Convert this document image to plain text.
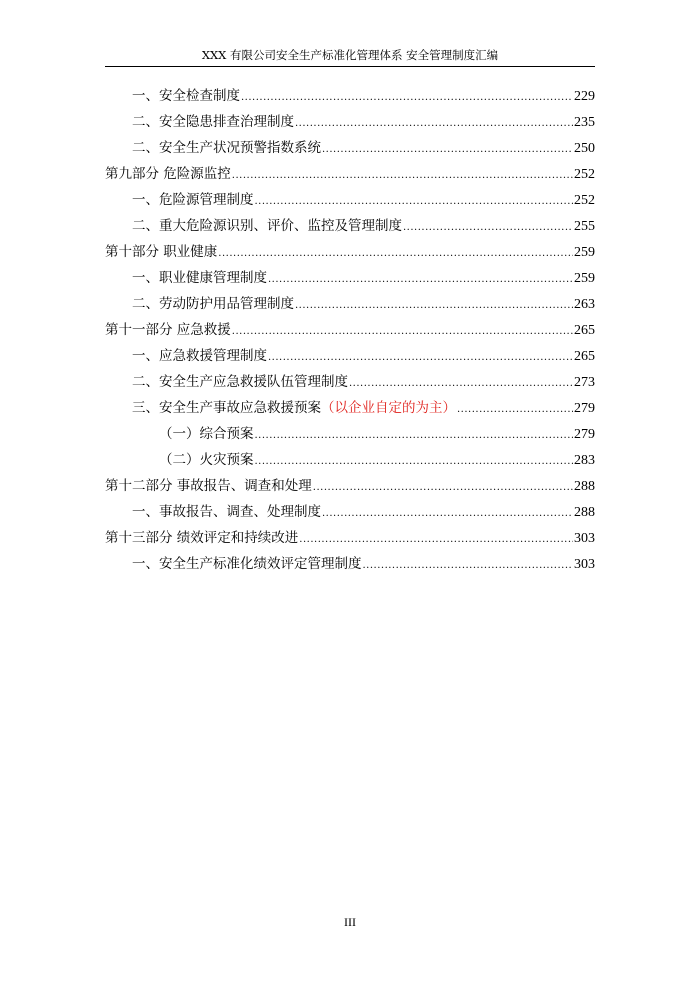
XXX 有限公司安全生产标准化管理体系 安全管理制度汇编
一、安全检查制度 .....	229
二、安全隐患排查治理制度 .....	235
二、安全生产状况预警指数系统 .....	250
第九部分 危险源监控 .....	252
一、危险源管理制度 .....	252
二、重大危险源识别、评价、监控及管理制度 .....	255
第十部分 职业健康 .....	259
一、职业健康管理制度 .....	259
二、劳动防护用品管理制度 .....	263
第十一部分 应急救援 .....	265
一、应急救援管理制度 .....	265
二、安全生产应急救援队伍管理制度 .....	273
三、安全生产事故应急救援预案（以企业自定的为主） .....	279
（一）综合预案 .....	279
（二）火灾预案 .....	283
第十二部分 事故报告、调查和处理 .....	288
一、事故报告、调查、处理制度 .....	288
第十三部分 绩效评定和持续改进 .....	303
一、安全生产标准化绩效评定管理制度 .....	303
III
